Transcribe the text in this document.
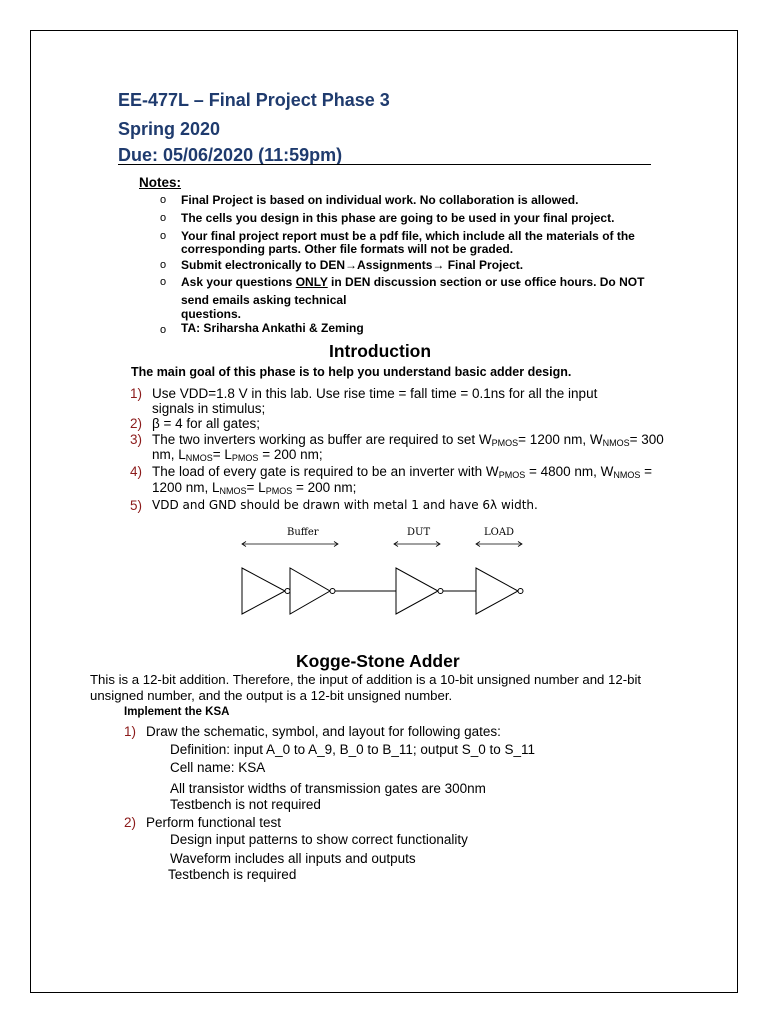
EE-477L – Final Project Phase 3
Spring 2020
Due: 05/06/2020 (11:59pm)
Notes:
o Final Project is based on individual work. No collaboration is allowed.
o The cells you design in this phase are going to be used in your final project.
o Your final project report must be a pdf file, which include all the materials of the
corresponding parts. Other file formats will not be graded.
o Submit electronically to DEN→Assignments→ Final Project.
o Ask your questions ONLY in DEN discussion section or use office hours. Do NOT
send emails asking technical
questions.
o TA: Sriharsha Ankathi & Zeming
Introduction
The main goal of this phase is to help you understand basic adder design.
1) Use VDD=1.8 V in this lab. Use rise time = fall time = 0.1ns for all the input
signals in stimulus;
2) β = 4 for all gates;
3) The two inverters working as buffer are required to set $W_{PMOS}= 1200$ nm, $W_{NMOS}= 300$
nm, $L_{NMOS}= L_{PMOS} = 200$ nm;
4) The load of every gate is required to be an inverter with $W_{PMOS} = 4800$ nm, $W_{NMOS}$ =
1200 nm, $L_{NMOS}= L_{PMOS} = 200$ nm;
5) VDD and GND should be drawn with metal 1 and have 6λ width.
Buffer	DUT	LOAD
Kogge-Stone Adder
This is a 12-bit addition. Therefore, the input of addition is a 10-bit unsigned number and 12-bit
unsigned number, and the output is a 12-bit unsigned number.
Implement the KSA
1) Draw the schematic, symbol, and layout for following gates:
Definition: input A_0 to A_9, B_0 to B_11; output S_0 to S_11
Cell name: KSA
All transistor widths of transmission gates are 300nm
Testbench is not required
2) Perform functional test
Design input patterns to show correct functionality
Waveform includes all inputs and outputs
Testbench is required
